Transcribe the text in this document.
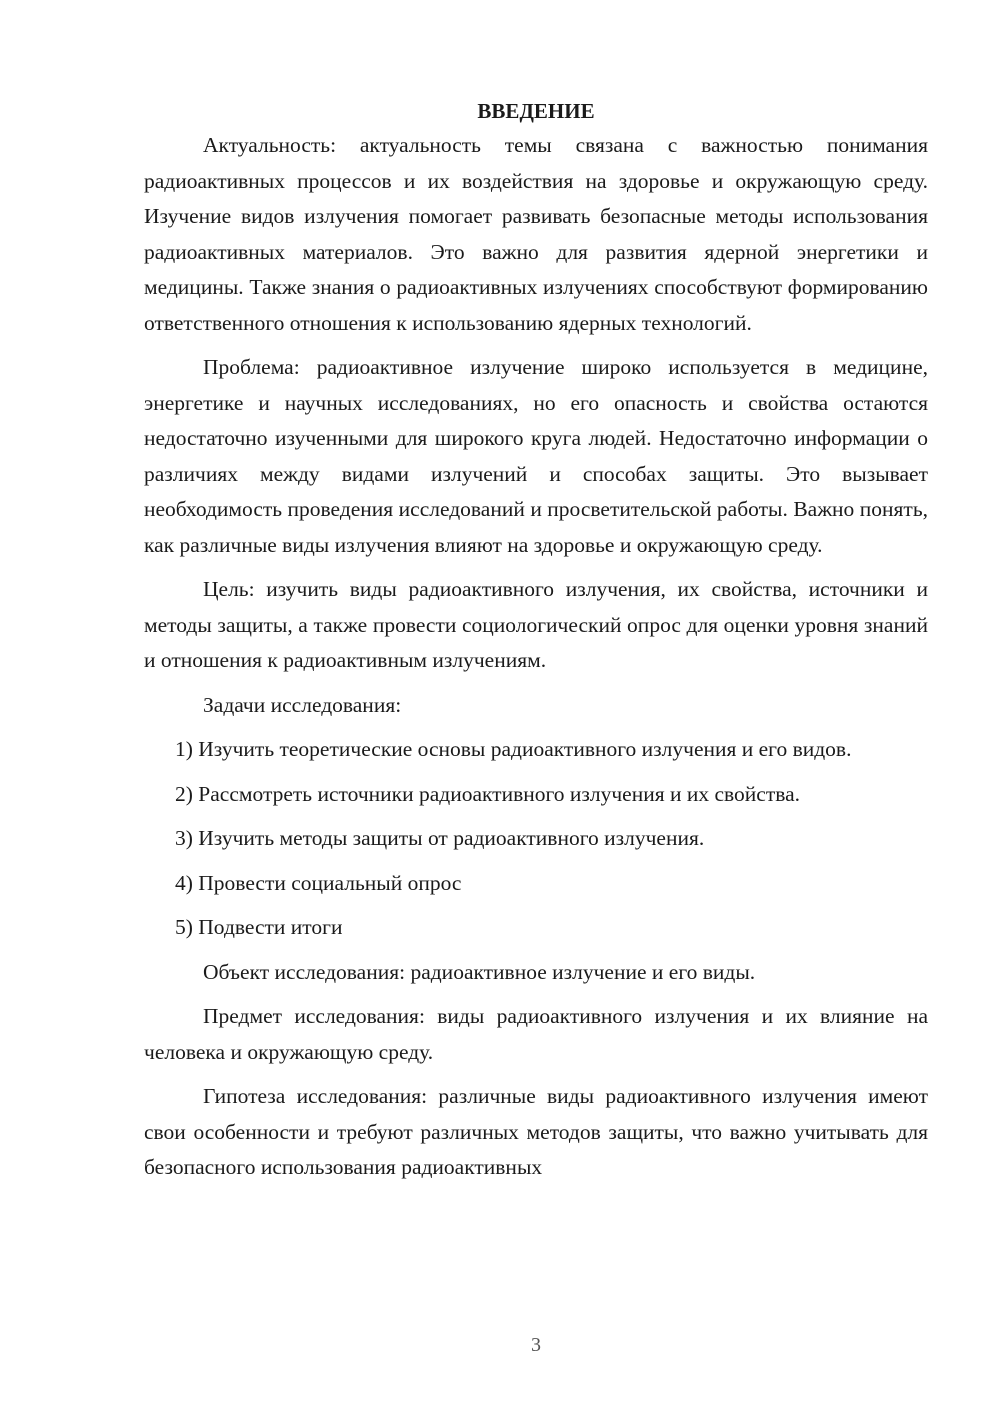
ВВЕДЕНИЕ

Актуальность: актуальность темы связана с важностью понимания радиоактивных процессов и их воздействия на здоровье и окружающую среду. Изучение видов излучения помогает развивать безопасные методы использования радиоактивных материалов. Это важно для развития ядерной энергетики и медицины. Также знания о радиоактивных излучениях способствуют формированию ответственного отношения к использованию ядерных технологий.

Проблема: радиоактивное излучение широко используется в медицине, энергетике и научных исследованиях, но его опасность и свойства остаются недостаточно изученными для широкого круга людей. Недостаточно информации о различиях между видами излучений и способах защиты. Это вызывает необходимость проведения исследований и просветительской работы. Важно понять, как различные виды излучения влияют на здоровье и окружающую среду.

Цель: изучить виды радиоактивного излучения, их свойства, источники и методы защиты, а также провести социологический опрос для оценки уровня знаний и отношения к радиоактивным излучениям.

Задачи исследования:

1) Изучить теоретические основы радиоактивного излучения и его видов.

2) Рассмотреть источники радиоактивного излучения и их свойства.

3) Изучить методы защиты от радиоактивного излучения.

4) Провести социальный опрос

5) Подвести итоги

Объект исследования: радиоактивное излучение и его виды.

Предмет исследования: виды радиоактивного излучения и их влияние на человека и окружающую среду.

Гипотеза исследования: различные виды радиоактивного излучения имеют свои особенности и требуют различных методов защиты, что важно учитывать для безопасного использования радиоактивных

3
